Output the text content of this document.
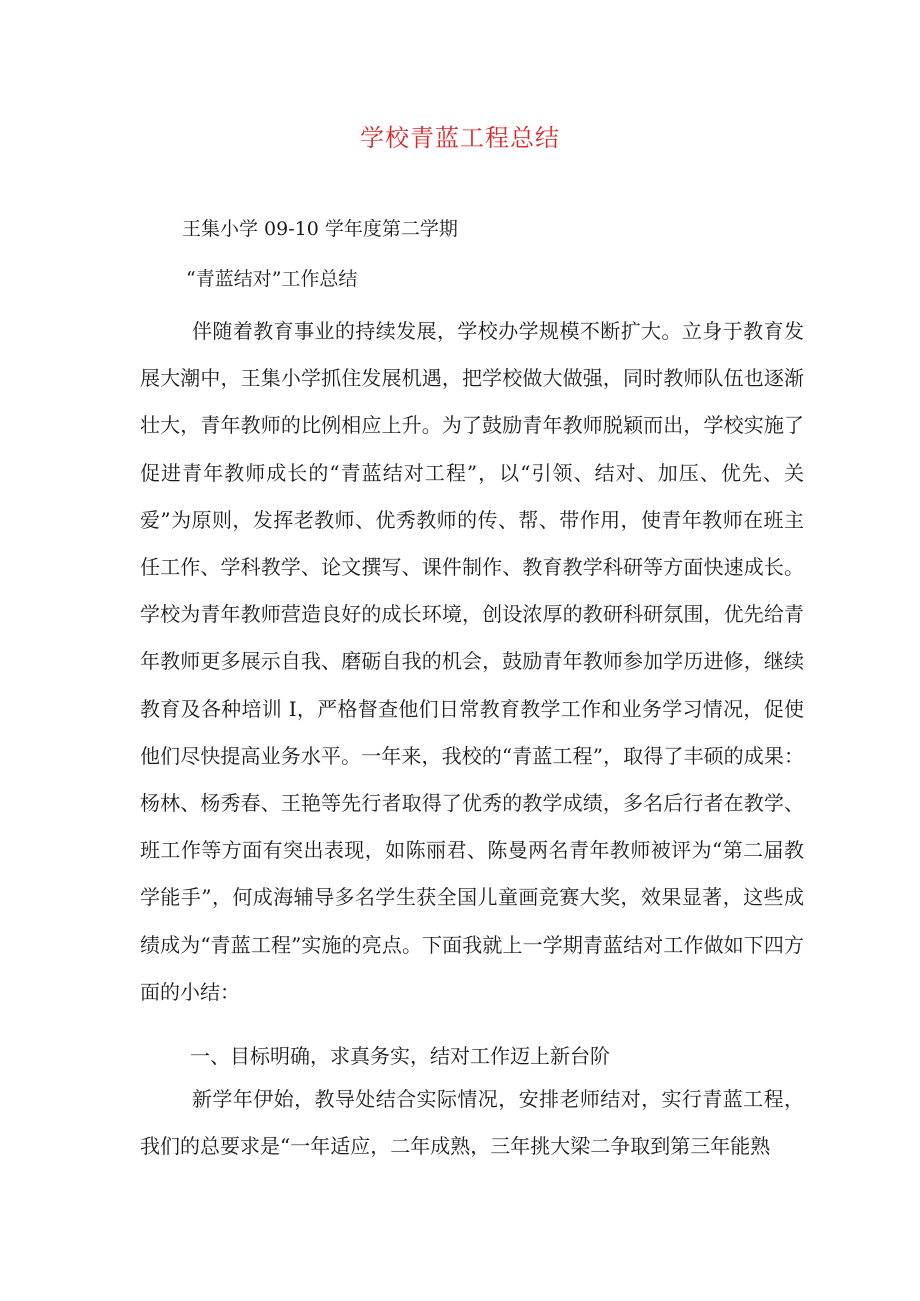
学校青蓝工程总结

王集小学 09-10 学年度第二学期

“青蓝结对”工作总结

伴随着教育事业的持续发展，学校办学规模不断扩大。立身于教育发展大潮中，王集小学抓住发展机遇，把学校做大做强，同时教师队伍也逐渐壮大，青年教师的比例相应上升。为了鼓励青年教师脱颖而出，学校实施了促进青年教师成长的“青蓝结对工程”，以“引领、结对、加压、优先、关爱”为原则，发挥老教师、优秀教师的传、帮、带作用，使青年教师在班主任工作、学科教学、论文撰写、课件制作、教育教学科研等方面快速成长。学校为青年教师营造良好的成长环境，创设浓厚的教研科研氛围，优先给青年教师更多展示自我、磨砺自我的机会，鼓励青年教师参加学历进修，继续教育及各种培训 I，严格督查他们日常教育教学工作和业务学习情况，促使他们尽快提高业务水平。一年来，我校的“青蓝工程”，取得了丰硕的成果：杨林、杨秀春、王艳等先行者取得了优秀的教学成绩，多名后行者在教学、班工作等方面有突出表现，如陈丽君、陈曼两名青年教师被评为“第二届教学能手”，何成海辅导多名学生获全国儿童画竞赛大奖，效果显著，这些成绩成为“青蓝工程”实施的亮点。下面我就上一学期青蓝结对工作做如下四方面的小结：

一、目标明确，求真务实，结对工作迈上新台阶

新学年伊始，教导处结合实际情况，安排老师结对，实行青蓝工程，我们的总要求是“一年适应，二年成熟，三年挑大梁二争取到第三年能熟
